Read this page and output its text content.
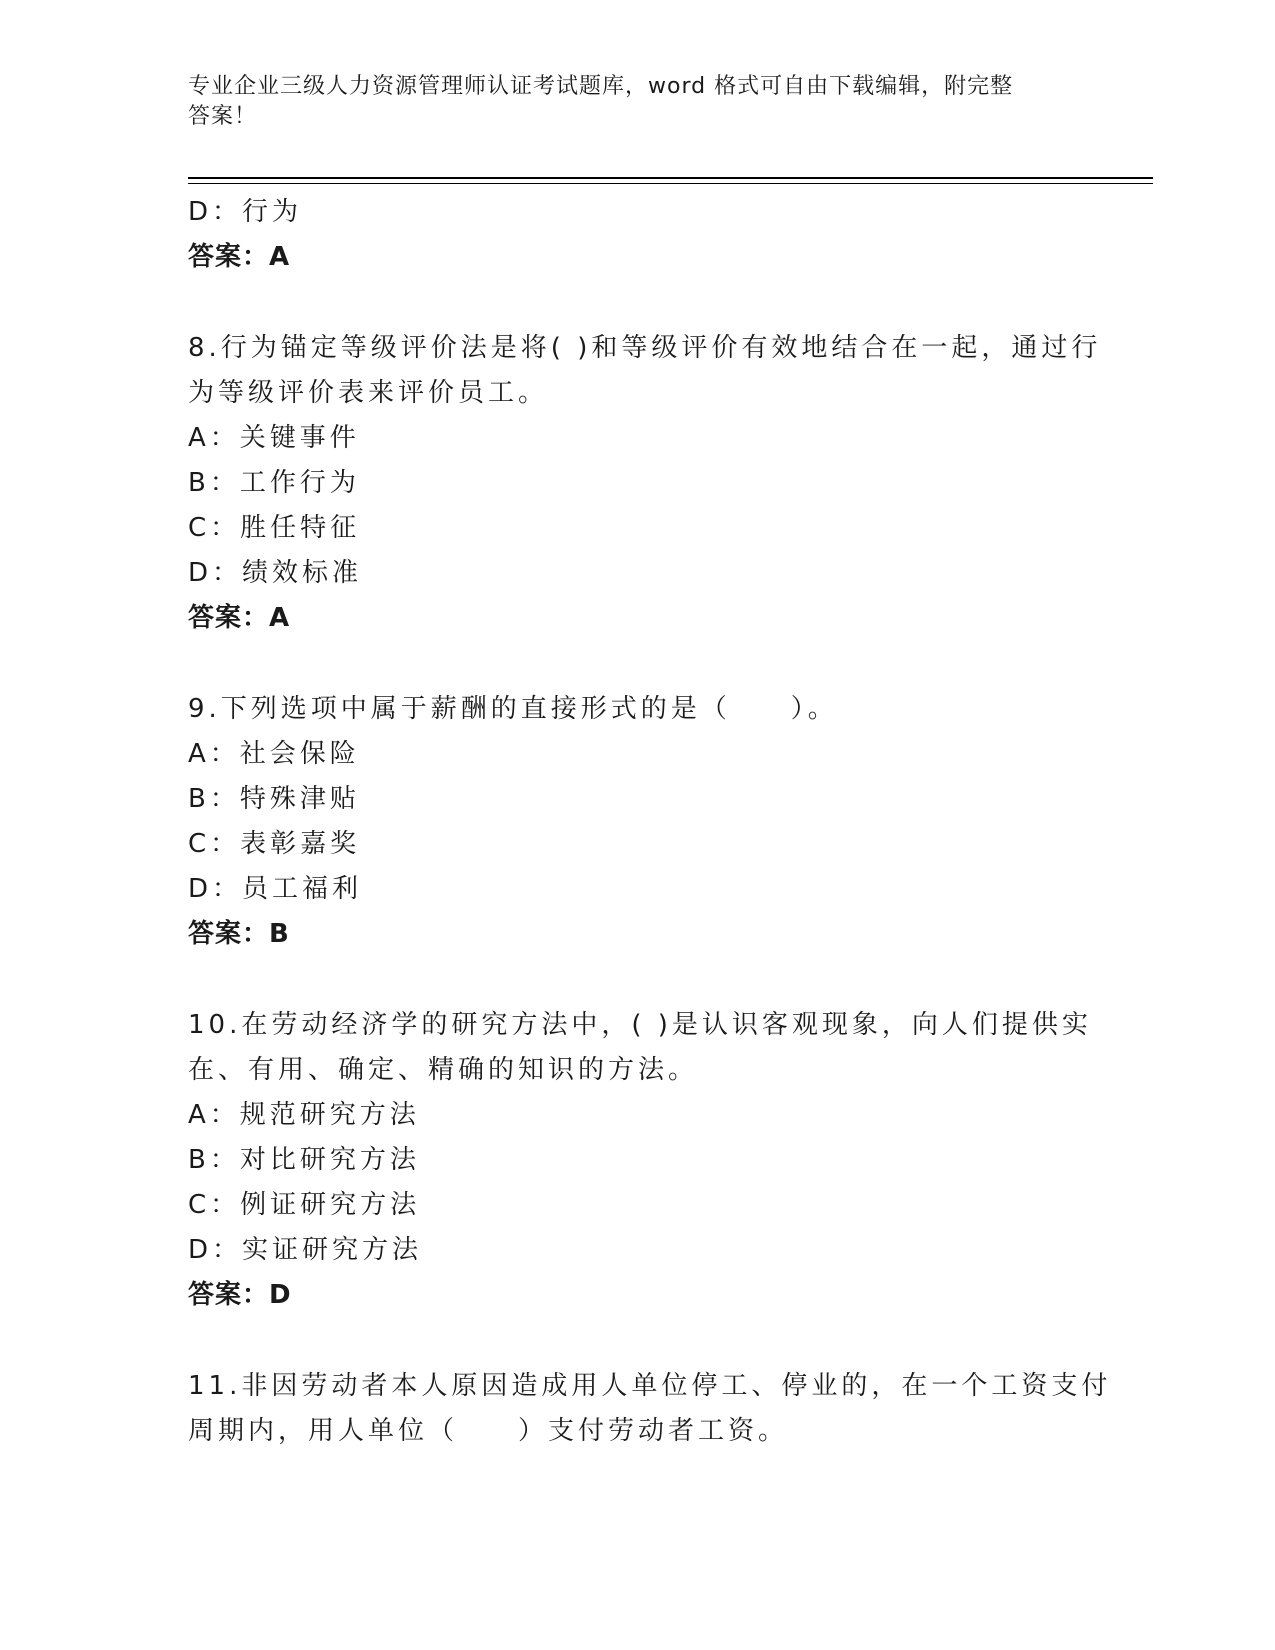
专业企业三级人力资源管理师认证考试题库，word 格式可自由下载编辑，附完整
答案！
D：行为
答案：A
8.行为锚定等级评价法是将( )和等级评价有效地结合在一起，通过行
为等级评价表来评价员工。
A：关键事件
B：工作行为
C：胜任特征
D：绩效标准
答案：A
9.下列选项中属于薪酬的直接形式的是（　　）。
A：社会保险
B：特殊津贴
C：表彰嘉奖
D：员工福利
答案：B
10.在劳动经济学的研究方法中，( )是认识客观现象，向人们提供实
在、有用、确定、精确的知识的方法。
A：规范研究方法
B：对比研究方法
C：例证研究方法
D：实证研究方法
答案：D
11.非因劳动者本人原因造成用人单位停工、停业的，在一个工资支付
周期内，用人单位（　　）支付劳动者工资。
